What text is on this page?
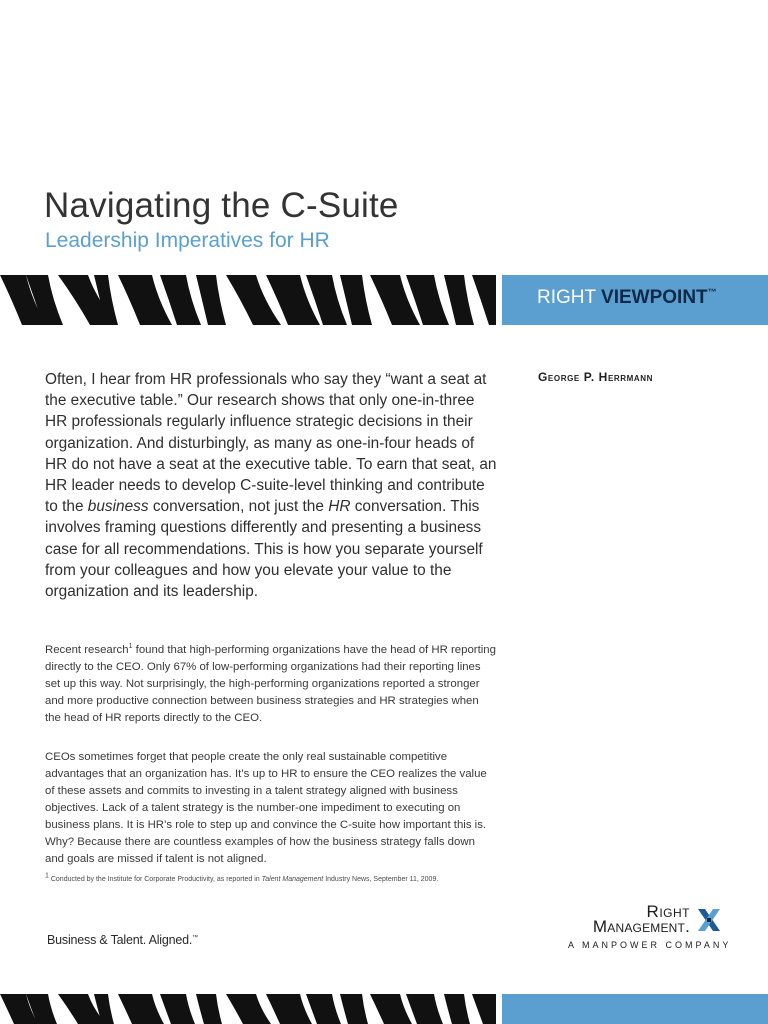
Navigating the C-Suite
Leadership Imperatives for HR
RIGHT VIEWPOINT™
George P. Herrmann

Often, I hear from HR professionals who say they “want a seat at the executive table.” Our research shows that only one-in-three HR professionals regularly influence strategic decisions in their organization. And disturbingly, as many as one-in-four heads of HR do not have a seat at the executive table. To earn that seat, an HR leader needs to develop C-suite-level thinking and contribute to the business conversation, not just the HR conversation. This involves framing questions differently and presenting a business case for all recommendations. This is how you separate yourself from your colleagues and how you elevate your value to the organization and its leadership.

Recent research$^1$ found that high-performing organizations have the head of HR reporting directly to the CEO. Only 67% of low-performing organizations had their reporting lines set up this way. Not surprisingly, the high-performing organizations reported a stronger and more productive connection between business strategies and HR strategies when the head of HR reports directly to the CEO.

CEOs sometimes forget that people create the only real sustainable competitive advantages that an organization has. It’s up to HR to ensure the CEO realizes the value of these assets and commits to investing in a talent strategy aligned with business objectives. Lack of a talent strategy is the number-one impediment to executing on business plans. It is HR’s role to step up and convince the C-suite how important this is. Why? Because there are countless examples of how the business strategy falls down and goals are missed if talent is not aligned.

$^1$ Conducted by the Institute for Corporate Productivity, as reported in Talent Management Industry News, September 11, 2009.

Business & Talent. Aligned.™
Right
Management.
A MANPOWER COMPANY
